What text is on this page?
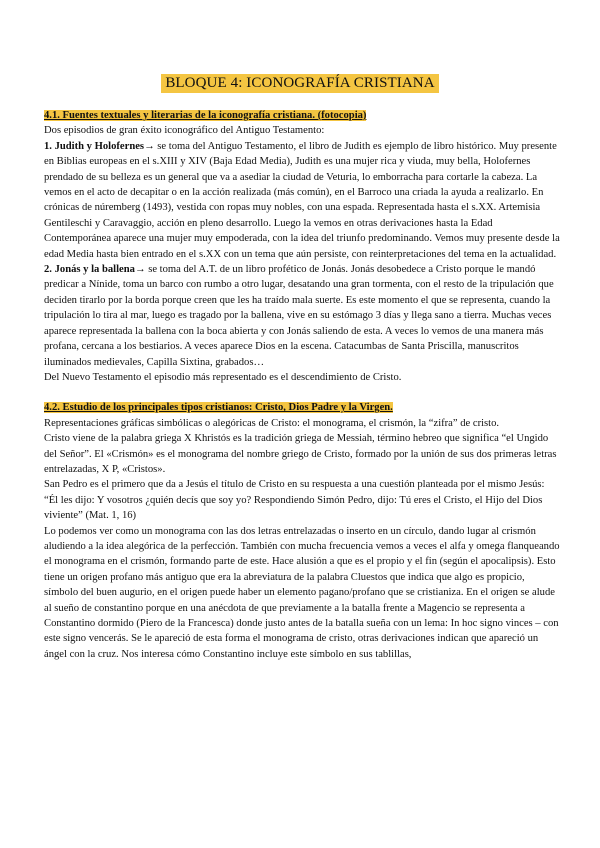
BLOQUE 4: ICONOGRAFÍA CRISTIANA

4.1. Fuentes textuales y literarias de la iconografía cristiana. (fotocopia)

Dos episodios de gran éxito iconográfico del Antiguo Testamento:

1. Judith y Holofernes→ se toma del Antiguo Testamento, el libro de Judith es ejemplo de libro histórico. Muy presente en Biblias europeas en el s.XIII y XIV (Baja Edad Media), Judith es una mujer rica y viuda, muy bella, Holofernes prendado de su belleza es un general que va a asediar la ciudad de Veturia, lo emborracha para cortarle la cabeza. La vemos en el acto de decapitar o en la acción realizada (más común), en el Barroco una criada la ayuda a realizarlo. En crónicas de núremberg (1493), vestida con ropas muy nobles, con una espada. Representada hasta el s.XX. Artemisia Gentileschi y Caravaggio, acción en pleno desarrollo. Luego la vemos en otras derivaciones hasta la Edad Contemporánea aparece una mujer muy empoderada, con la idea del triunfo predominando. Vemos muy presente desde la edad Media hasta bien entrado en el s.XX con un tema que aún persiste, con reinterpretaciones del tema en la actualidad.

2. Jonás y la ballena→ se toma del A.T. de un libro profético de Jonás. Jonás desobedece a Cristo porque le mandó predicar a Nínide, toma un barco con rumbo a otro lugar, desatando una gran tormenta, con el resto de la tripulación que deciden tirarlo por la borda porque creen que les ha traído mala suerte. Es este momento el que se representa, cuando la tripulación lo tira al mar, luego es tragado por la ballena, vive en su estómago 3 días y llega sano a tierra. Muchas veces aparece representada la ballena con la boca abierta y con Jonás saliendo de esta. A veces lo vemos de una manera más profana, cercana a los bestiarios. A veces aparece Dios en la escena. Catacumbas de Santa Priscilla, manuscritos iluminados medievales, Capilla Sixtina, grabados…

Del Nuevo Testamento el episodio más representado es el descendimiento de Cristo.

4.2. Estudio de los principales tipos cristianos: Cristo, Dios Padre y la Virgen.

Representaciones gráficas simbólicas o alegóricas de Cristo: el monograma, el crismón, la “zifra” de cristo.

Cristo viene de la palabra griega X Khristós es la tradición griega de Messiah, término hebreo que significa “el Ungido del Señor”. El «Crismón» es el monograma del nombre griego de Cristo, formado por la unión de sus dos primeras letras entrelazadas, X P, «Cristos».

San Pedro es el primero que da a Jesús el título de Cristo en su respuesta a una cuestión planteada por el mismo Jesús: “Él les dijo: Y vosotros ¿quién decís que soy yo? Respondiendo Simón Pedro, dijo: Tú eres el Cristo, el Hijo del Dios viviente” (Mat. 1, 16)

Lo podemos ver como un monograma con las dos letras entrelazadas o inserto en un círculo, dando lugar al crismón aludiendo a la idea alegórica de la perfección. También con mucha frecuencia vemos a veces el alfa y omega flanqueando el monograma en el crismón, formando parte de este. Hace alusión a que es el propio y el fin (según el apocalipsis). Esto tiene un origen profano más antiguo que era la abreviatura de la palabra Cluestos que indica que algo es propicio, símbolo del buen augurio, en el origen puede haber un elemento pagano/profano que se cristianiza. En el origen se alude al sueño de constantino porque en una anécdota de que previamente a la batalla frente a Magencio se representa a Constantino dormido (Piero de la Francesca) donde justo antes de la batalla sueña con un lema: In hoc signo vinces – con este signo vencerás. Se le apareció de esta forma el monograma de cristo, otras derivaciones indican que apareció un ángel con la cruz. Nos interesa cómo Constantino incluye este símbolo en sus tablillas,
